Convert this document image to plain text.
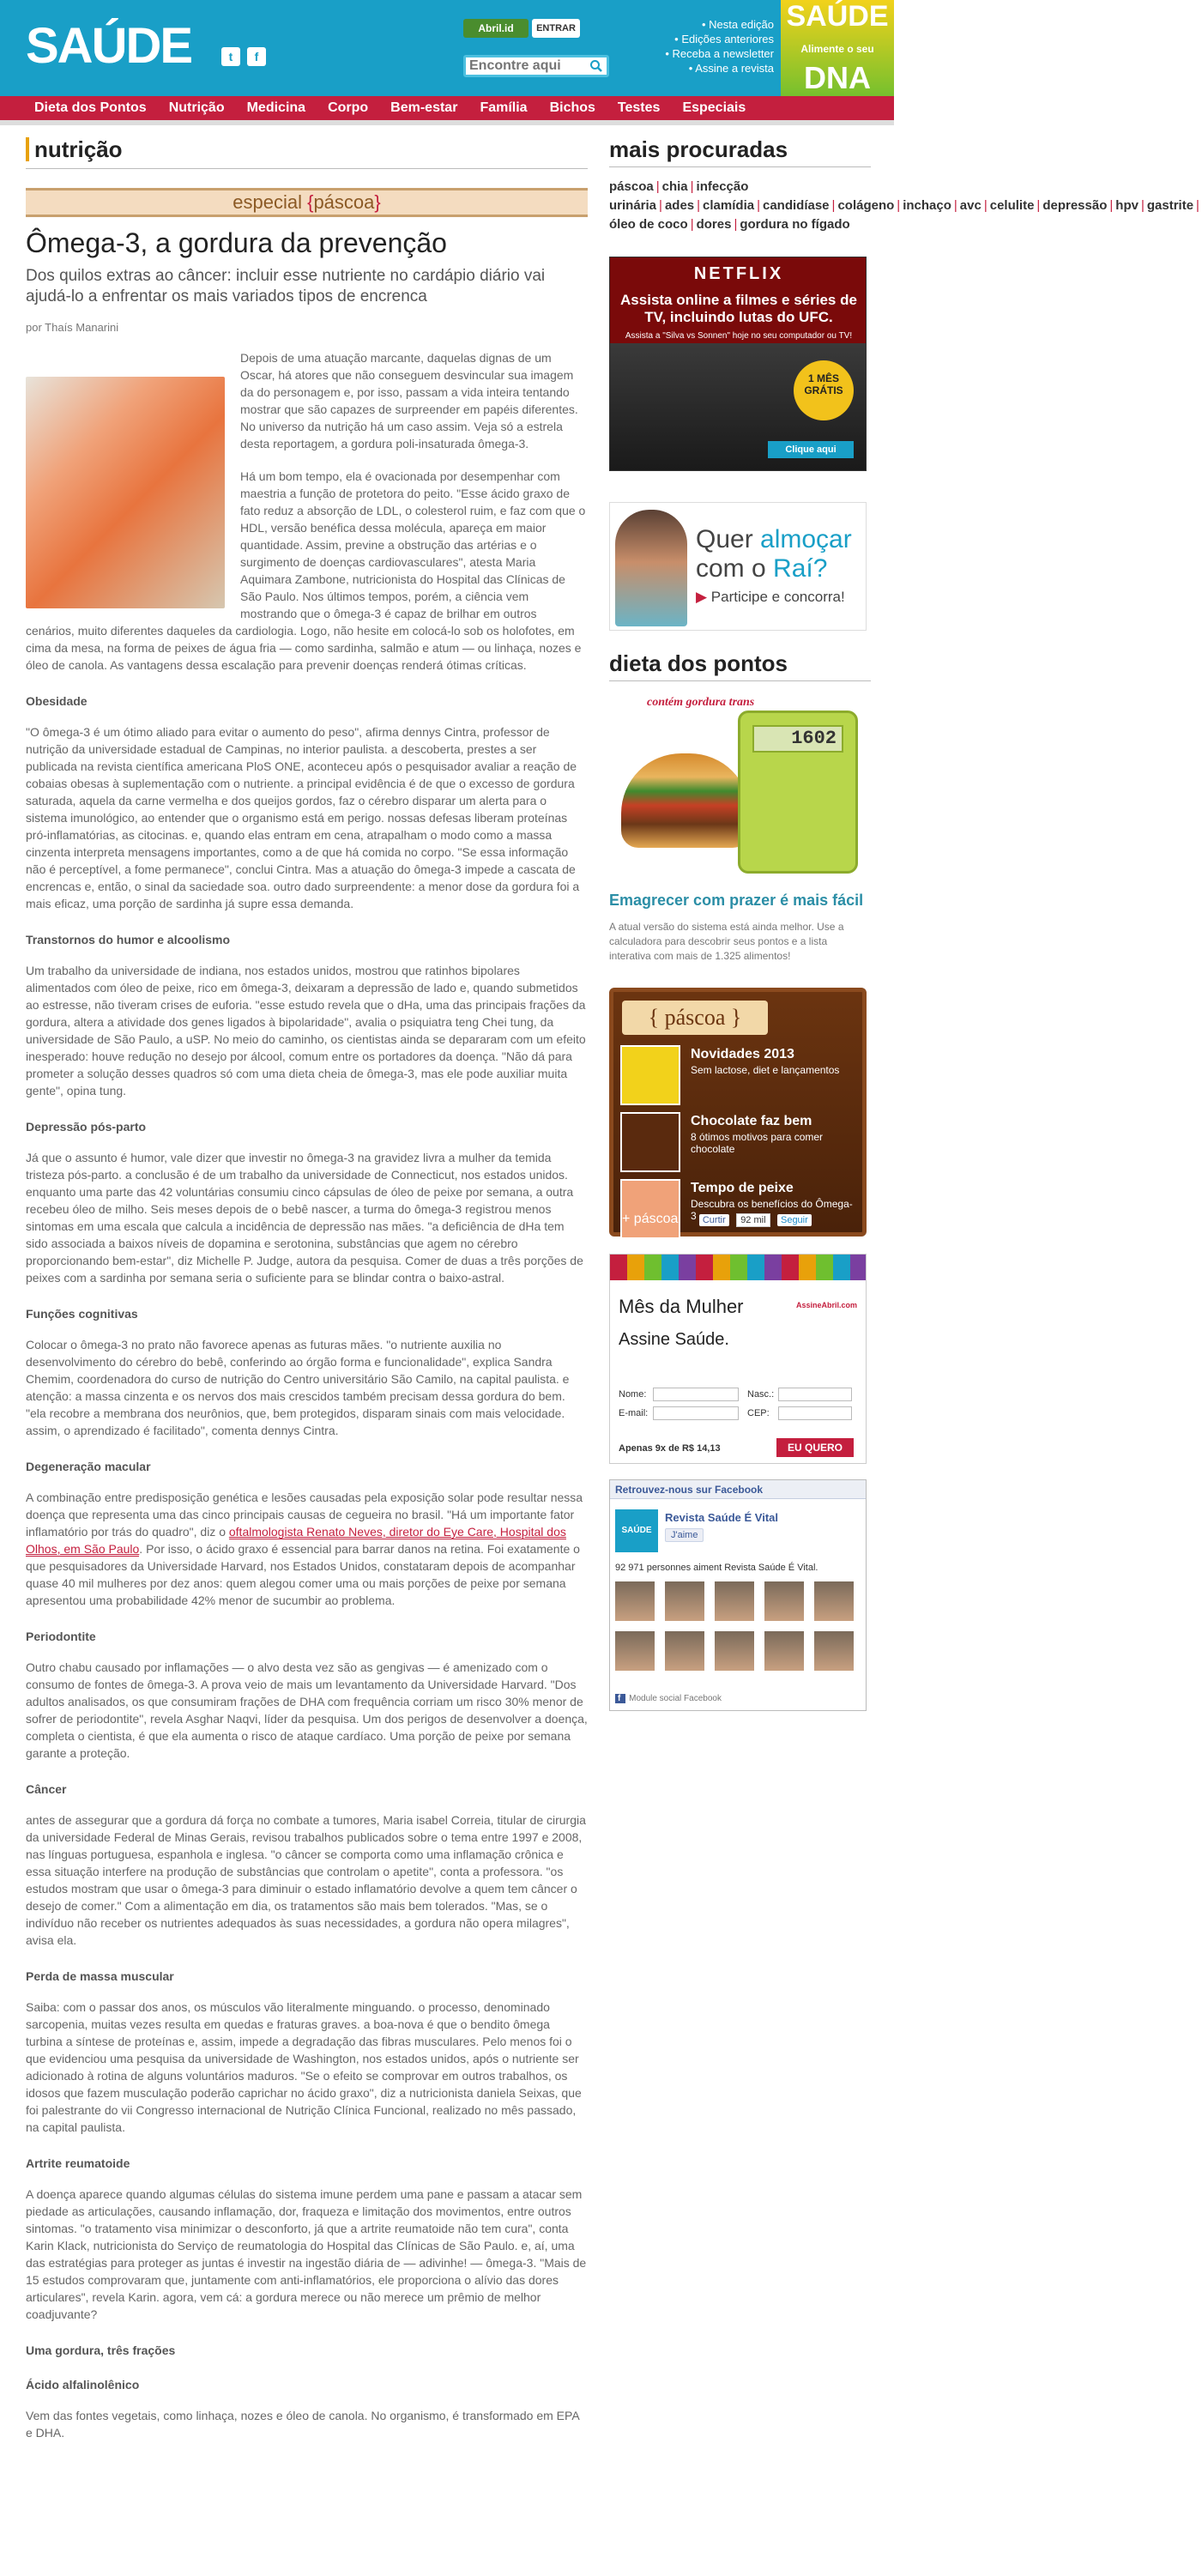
SAÚDE	t	f
Abril.id	ENTRAR
Encontre aqui
•	Nesta edição
• Edições anteriores
• Receba a newsletter
• Assine a revista
SAÚDE
Alimente o seu
DNA
Dieta dos Pontos	Nutrição	Medicina	Corpo	Bem-estar	Família	Bichos	Testes	Especiais
nutrição
especial {páscoa}
Ômega-3, a gordura da prevenção
Dos quilos extras ao câncer: incluir esse nutriente no cardápio diário vai ajudá-lo a enfrentar os mais variados tipos de encrenca
por Thaís Manarini

Depois de uma atuação marcante, daquelas dignas de um Oscar, há atores que não conseguem desvincular sua imagem da do personagem e, por isso, passam a vida inteira tentando mostrar que são capazes de surpreender em papéis diferentes. No universo da nutrição há um caso assim. Veja só a estrela desta reportagem, a gordura poli-insaturada ômega-3.

Há um bom tempo, ela é ovacionada por desempenhar com maestria a função de protetora do peito. "Esse ácido graxo de fato reduz a absorção de LDL, o colesterol ruim, e faz com que o HDL, versão benéfica dessa molécula, apareça em maior quantidade. Assim, previne a obstrução das artérias e o surgimento de doenças cardiovasculares", atesta Maria Aquimara Zambone, nutricionista do Hospital das Clínicas de São Paulo. Nos últimos tempos, porém, a ciência vem mostrando que o ômega-3 é capaz de brilhar em outros cenários, muito diferentes daqueles da cardiologia. Logo, não hesite em colocá-lo sob os holofotes, em cima da mesa, na forma de peixes de água fria — como sardinha, salmão e atum — ou linhaça, nozes e óleo de canola. As vantagens dessa escalação para prevenir doenças renderá ótimas críticas.

Obesidade

"O ômega-3 é um ótimo aliado para evitar o aumento do peso", afirma dennys Cintra, professor de nutrição da universidade estadual de Campinas, no interior paulista. a descoberta, prestes a ser publicada na revista científica americana PloS ONE, aconteceu após o pesquisador avaliar a reação de cobaias obesas à suplementação com o nutriente. a principal evidência é de que o excesso de gordura saturada, aquela da carne vermelha e dos queijos gordos, faz o cérebro disparar um alerta para o sistema imunológico, ao entender que o organismo está em perigo. nossas defesas liberam proteínas pró-inflamatórias, as citocinas. e, quando elas entram em cena, atrapalham o modo como a massa cinzenta interpreta mensagens importantes, como a de que há comida no corpo. "Se essa informação não é perceptível, a fome permanece", conclui Cintra. Mas a atuação do ômega-3 impede a cascata de encrencas e, então, o sinal da saciedade soa. outro dado surpreendente: a menor dose da gordura foi a mais eficaz, uma porção de sardinha já supre essa demanda.

Transtornos do humor e alcoolismo

Um trabalho da universidade de indiana, nos estados unidos, mostrou que ratinhos bipolares alimentados com óleo de peixe, rico em ômega-3, deixaram a depressão de lado e, quando submetidos ao estresse, não tiveram crises de euforia. "esse estudo revela que o dHa, uma das principais frações da gordura, altera a atividade dos genes ligados à bipolaridade", avalia o psiquiatra teng Chei tung, da universidade de São Paulo, a uSP. No meio do caminho, os cientistas ainda se depararam com um efeito inesperado: houve redução no desejo por álcool, comum entre os portadores da doença. "Não dá para prometer a solução desses quadros só com uma dieta cheia de ômega-3, mas ele pode auxiliar muita gente", opina tung.

Depressão pós-parto

Já que o assunto é humor, vale dizer que investir no ômega-3 na gravidez livra a mulher da temida tristeza pós-parto. a conclusão é de um trabalho da universidade de Connecticut, nos estados unidos. enquanto uma parte das 42 voluntárias consumiu cinco cápsulas de óleo de peixe por semana, a outra recebeu óleo de milho. Seis meses depois de o bebê nascer, a turma do ômega-3 registrou menos sintomas em uma escala que calcula a incidência de depressão nas mães. "a deficiência de dHa tem sido associada a baixos níveis de dopamina e serotonina, substâncias que agem no cérebro proporcionando bem-estar", diz Michelle P. Judge, autora da pesquisa. Comer de duas a três porções de peixes com a sardinha por semana seria o suficiente para se blindar contra o baixo-astral.

Funções cognitivas

Colocar o ômega-3 no prato não favorece apenas as futuras mães. "o nutriente auxilia no desenvolvimento do cérebro do bebê, conferindo ao órgão forma e funcionalidade", explica Sandra Chemim, coordenadora do curso de nutrição do Centro universitário São Camilo, na capital paulista. e atenção: a massa cinzenta e os nervos dos mais crescidos também precisam dessa gordura do bem. "ela recobre a membrana dos neurônios, que, bem protegidos, disparam sinais com mais velocidade. assim, o aprendizado é facilitado", comenta dennys Cintra.

Degeneração macular

A combinação entre predisposição genética e lesões causadas pela exposição solar pode resultar nessa doença que representa uma das cinco principais causas de cegueira no brasil. "Há um importante fator inflamatório por trás do quadro", diz o oftalmologista Renato Neves, diretor do Eye Care, Hospital dos Olhos, em São Paulo. Por isso, o ácido graxo é essencial para barrar danos na retina. Foi exatamente o que pesquisadores da Universidade Harvard, nos Estados Unidos, constataram depois de acompanhar quase 40 mil mulheres por dez anos: quem alegou comer uma ou mais porções de peixe por semana apresentou uma probabilidade 42% menor de sucumbir ao problema.

Periodontite

Outro chabu causado por inflamações — o alvo desta vez são as gengivas — é amenizado com o consumo de fontes de ômega-3. A prova veio de mais um levantamento da Universidade Harvard. "Dos adultos analisados, os que consumiram frações de DHA com frequência corriam um risco 30% menor de sofrer de periodontite", revela Asghar Naqvi, líder da pesquisa. Um dos perigos de desenvolver a doença, completa o cientista, é que ela aumenta o risco de ataque cardíaco. Uma porção de peixe por semana garante a proteção.

Câncer

antes de assegurar que a gordura dá força no combate a tumores, Maria isabel Correia, titular de cirurgia da universidade Federal de Minas Gerais, revisou trabalhos publicados sobre o tema entre 1997 e 2008, nas línguas portuguesa, espanhola e inglesa. "o câncer se comporta como uma inflamação crônica e essa situação interfere na produção de substâncias que controlam o apetite", conta a professora. "os estudos mostram que usar o ômega-3 para diminuir o estado inflamatório devolve a quem tem câncer o desejo de comer." Com a alimentação em dia, os tratamentos são mais bem tolerados. "Mas, se o indivíduo não receber os nutrientes adequados às suas necessidades, a gordura não opera milagres", avisa ela.

Perda de massa muscular

Saiba: com o passar dos anos, os músculos vão literalmente minguando. o processo, denominado sarcopenia, muitas vezes resulta em quedas e fraturas graves. a boa-nova é que o bendito ômega turbina a síntese de proteínas e, assim, impede a degradação das fibras musculares. Pelo menos foi o que evidenciou uma pesquisa da universidade de Washington, nos estados unidos, após o nutriente ser adicionado à rotina de alguns voluntários maduros. "Se o efeito se comprovar em outros trabalhos, os idosos que fazem musculação poderão caprichar no ácido graxo", diz a nutricionista daniela Seixas, que foi palestrante do vii Congresso internacional de Nutrição Clínica Funcional, realizado no mês passado, na capital paulista.

Artrite reumatoide

A doença aparece quando algumas células do sistema imune perdem uma pane e passam a atacar sem piedade as articulações, causando inflamação, dor, fraqueza e limitação dos movimentos, entre outros sintomas. "o tratamento visa minimizar o desconforto, já que a artrite reumatoide não tem cura", conta Karin Klack, nutricionista do Serviço de reumatologia do Hospital das Clínicas de São Paulo. e, aí, uma das estratégias para proteger as juntas é investir na ingestão diária de — adivinhe! — ômega-3. "Mais de 15 estudos comprovaram que, juntamente com anti-inflamatórios, ele proporciona o alívio das dores articulares", revela Karin. agora, vem cá: a gordura merece ou não merece um prêmio de melhor coadjuvante?

Uma gordura, três frações
Ácido alfalinolênico

Vem das fontes vegetais, como linhaça, nozes e óleo de canola. No organismo, é transformado em EPA e DHA.

mais procuradas
páscoa | chia | infecção urinária | ades | clamídia | candidíase | colágeno | inchaço | avc | celulite | depressão | hpv | gastrite |óleo de coco | dores | gordura no fígado
NETFLIX
Assista online a filmes e séries de TV, incluindo lutas do UFC.
Assista a "Silva vs Sonnen" hoje no seu computador ou TV!
1 MÊS GRÁTIS
Clique aqui
Quer almoçar
com o Raí?
▶ Participe e concorra!
dieta dos pontos
contém gordura trans
1602
Emagrecer com prazer é mais fácil
A atual versão do sistema está ainda melhor. Use a calculadora para descobrir seus pontos e a lista interativa com mais de 1.325 alimentos!
{ páscoa }
Novidades 2013
Sem lactose, diet e lançamentos
Chocolate faz bem
8 ótimos motivos para comer chocolate
Tempo de peixe
Descubra os benefícios do Ômega-3
+ páscoa	Curtir 92 mil Seguir
Mês da Mulher	AssineAbril.com
Assine Saúde.
Nome:	Nasc.:
E-mail:	CEP:
Apenas 9x de R$ 14,13	EU QUERO
Retrouvez-nous sur Facebook
SAÚDE
Revista Saúde É Vital
J'aime
92 971 personnes aiment Revista Saúde É Vital.
f Module social Facebook
